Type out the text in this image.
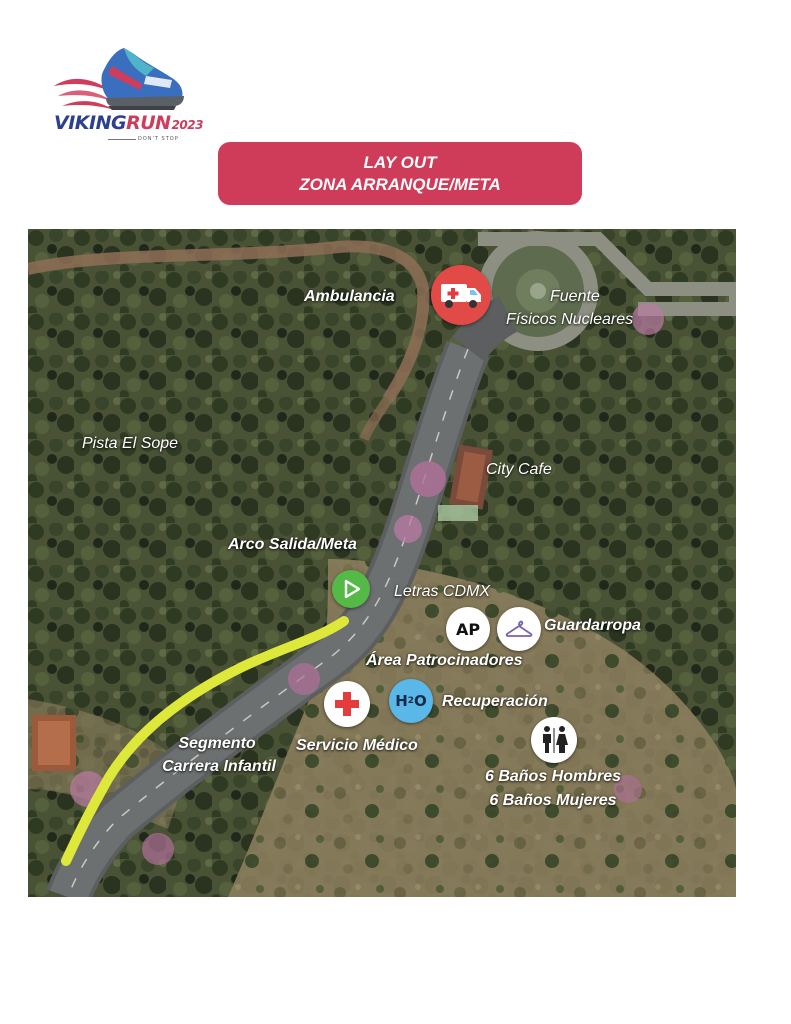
VIKINGRUN2023
DON'T STOP
LAY OUT
ZONA ARRANQUE/META
Ambulancia	Fuente
Físicos Nucleares
Pista El Sope
City Cafe
Arco Salida/Meta
Letras CDMX
AP	Guardarropa
Área Patrocinadores
Servicio Médico
H 2 O Recuperación
6 Baños Hombres
6 Baños Mujeres
Segmento
Carrera Infantil
